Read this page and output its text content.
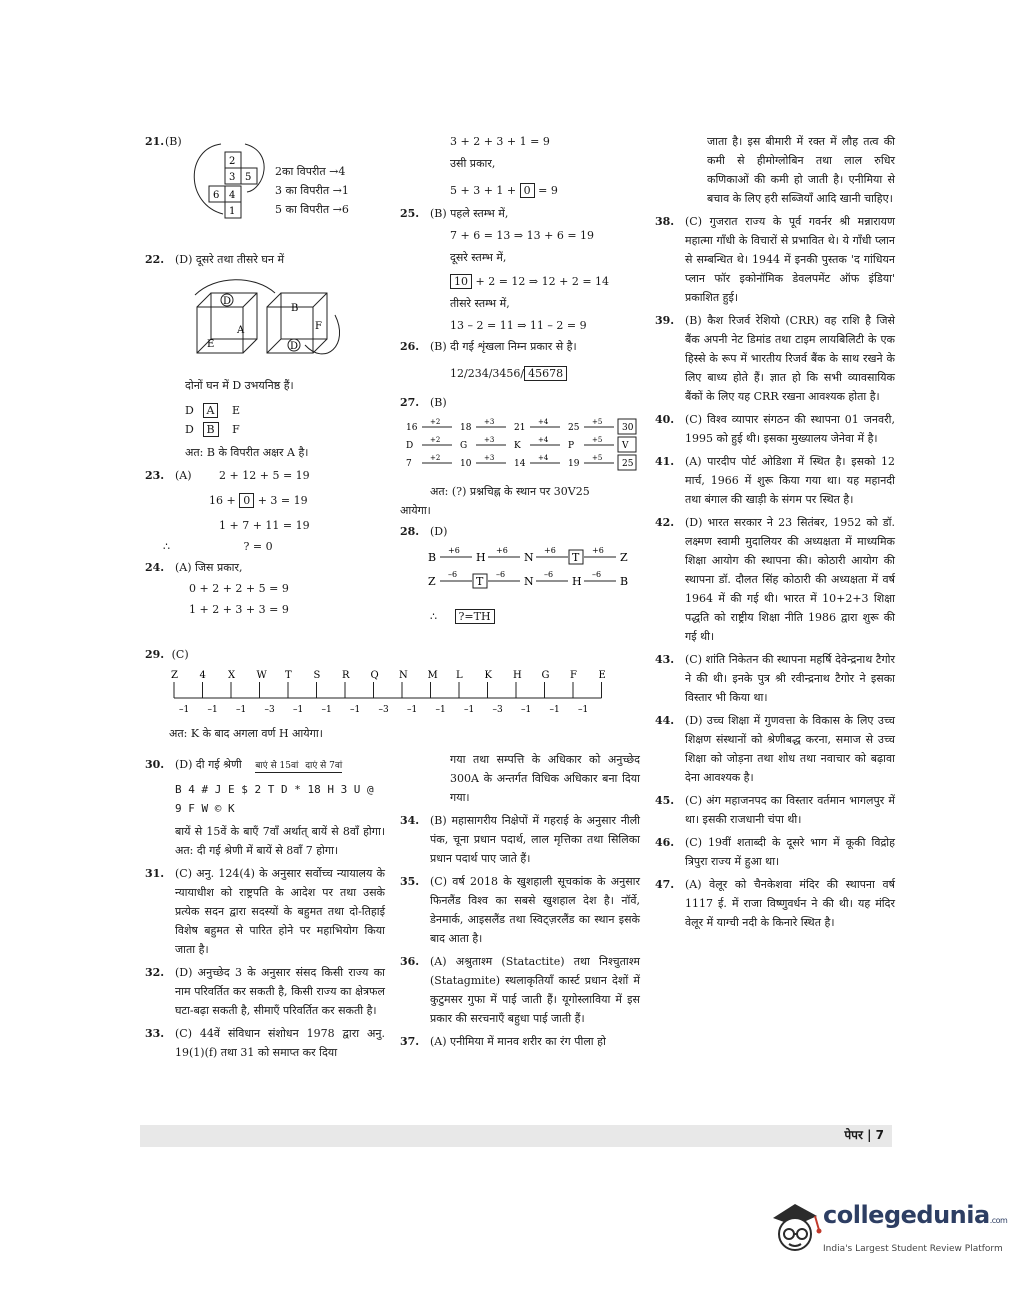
21. (B)
2
3 5
6 4
1
2का विपरीत →4
3 का विपरीत →1
5 का विपरीत →6
22. (D) दूसरे तथा तीसरे घन में
D
A
E
B
F
D
दोनों घन में D उभयनिष्ठ हैं।
D A E
D B F
अत: B के विपरीत अक्षर A है।
23. (A)	2 + 12 + 5 = 19
16 + 0 + 3 = 19
1 + 7 + 11 = 19
∴	? = 0
24. (A) जिस प्रकार,
0 + 2 + 2 + 5 = 9
1 + 2 + 3 + 3 = 9
3 + 2 + 3 + 1 = 9
उसी प्रकार,
5 + 3 + 1 + 0 = 9
25. (B) पहले स्तम्भ में,
7 + 6 = 13 ⇒ 13 + 6 = 19
दूसरे स्तम्भ में,
10 + 2 = 12 ⇒ 12 + 2 = 14
तीसरे स्तम्भ में,
13 – 2 = 11 ⇒ 11 – 2 = 9
26. (B) दी गई शृंखला निम्न प्रकार से है।
12/234/3456/ 45678
27. (B)
16
+2
18
+3
21
+4
25
+5
30
D
+2
G
+3
K
+4
P
+5
V
7
+2
10
+3
14
+4
19
+5
25
अत: (?) प्रश्नचिह्न के स्थान पर 30V25
आयेगा।
28. (D)
B
+6
H
+6
N
+6
T
+6
Z
Z
–6
T
–6
N
–6
H
–6
B
∴ ?=TH
जाता है। इस बीमारी में रक्त में लौह तत्व की कमी से हीमोग्लोबिन तथा लाल रुधिर कणिकाओं की कमी हो जाती है। एनीमिया से बचाव के लिए हरी सब्जियाँ आदि खानी चाहिए।
38. (C) गुजरात राज्य के पूर्व गवर्नर श्री मन्नारायण महात्मा गाँधी के विचारों से प्रभावित थे। ये गाँधी प्लान से सम्बन्धित थे। 1944 में इनकी पुस्तक 'द गांधियन प्लान फॉर इकोनॉमिक डेवलपमेंट ऑफ इंडिया' प्रकाशित हुई।
39. (B) कैश रिजर्व रेशियो (CRR) वह राशि है जिसे बैंक अपनी नेट डिमांड तथा टाइम लायबिलिटी के एक हिस्से के रूप में भारतीय रिजर्व बैंक के साथ रखने के लिए बाध्य होते हैं। ज्ञात हो कि सभी व्यावसायिक बैंकों के लिए यह CRR रखना आवश्यक होता है।
40. (C) विश्व व्यापार संगठन की स्थापना 01 जनवरी, 1995 को हुई थी। इसका मुख्यालय जेनेवा में है।
41. (A) पारदीप पोर्ट ओडिशा में स्थित है। इसको 12 मार्च, 1966 में शुरू किया गया था। यह महानदी तथा बंगाल की खाड़ी के संगम पर स्थित है।
42. (D) भारत सरकार ने 23 सितंबर, 1952 को डॉ. लक्ष्मण स्वामी मुदालियर की अध्यक्षता में माध्यमिक शिक्षा आयोग की स्थापना की। कोठारी आयोग की स्थापना डॉ. दौलत सिंह कोठारी की अध्यक्षता में वर्ष 1964 में की गई थी। भारत में 10+2+3 शिक्षा पद्धति को राष्ट्रीय शिक्षा नीति 1986 द्वारा शुरू की गई थी।
43. (C) शांति निकेतन की स्थापना महर्षि देवेन्द्रनाथ टैगोर ने की थी। इनके पुत्र श्री रवीन्द्रनाथ टैगोर ने इसका विस्तार भी किया था।
44. (D) उच्च शिक्षा में गुणवत्ता के विकास के लिए उच्च शिक्षण संस्थानों को श्रेणीबद्ध करना, समाज से उच्च शिक्षा को जोड़ना तथा शोध तथा नवाचार को बढ़ावा देना आवश्यक है।
45. (C) अंग महाजनपद का विस्तार वर्तमान भागलपुर में था। इसकी राजधानी चंपा थी।
46. (C) 19वीं शताब्दी के दूसरे भाग में कूकी विद्रोह त्रिपुरा राज्य में हुआ था।
47. (A) वेलूर को चैनकेशवा मंदिर की स्थापना वर्ष 1117 ई. में राजा विष्णुवर्धन ने की थी। यह मंदिर वेलूर में याग्ची नदी के किनारे स्थित है।
29. (C)
Z 4 X W T S R Q N M L K H G F E
–1 –1 –1 –3 –1 –1 –1 –3 –1 –1 –1 –3 –1 –1 –1
अत: K के बाद अगला वर्ण H आयेगा।
30. (D) दी गई श्रेणी बाएं से 15वां दाएं से 7वां
B 4 # J E $ 2 T D * 18 H 3 U @ 9 F W © K
बायें से 15वें के बाएँ 7वाँ अर्थात् बायें से 8वाँ होगा। अत: दी गई श्रेणी में बायें से 8वाँ 7 होगा।
31. (C) अनु. 124(4) के अनुसार सर्वोच्च न्यायालय के न्यायाधीश को राष्ट्रपति के आदेश पर तथा उसके प्रत्येक सदन द्वारा सदस्यों के बहुमत तथा दो-तिहाई विशेष बहुमत से पारित होने पर महाभियोग किया जाता है।
32. (D) अनुच्छेद 3 के अनुसार संसद किसी राज्य का नाम परिवर्तित कर सकती है, किसी राज्य का क्षेत्रफल घटा-बढ़ा सकती है, सीमाएँ परिवर्तित कर सकती है।
33. (C) 44वें संविधान संशोधन 1978 द्वारा अनु. 19(1)(f) तथा 31 को समाप्त कर दिया
गया तथा सम्पत्ति के अधिकार को अनुच्छेद 300A के अन्तर्गत विधिक अधिकार बना दिया गया।
34. (B) महासागरीय निक्षेपों में गहराई के अनुसार नीली पंक, चूना प्रधान पदार्थ, लाल मृत्तिका तथा सिलिका प्रधान पदार्थ पाए जाते हैं।
35. (C) वर्ष 2018 के खुशहाली सूचकांक के अनुसार फिनलैंड विश्व का सबसे खुशहाल देश है। नॉर्वे, डेनमार्क, आइसलैंड तथा स्विट्ज़रलैंड का स्थान इसके बाद आता है।
36. (A) अश्रुताश्म (Statactite) तथा निश्चुताश्म (Statagmite) स्थलाकृतियाँ कार्स्ट प्रधान देशों में कुटुमसर गुफा में पाई जाती हैं। यूगोस्लाविया में इस प्रकार की सरचनाएँ बहुधा पाई जाती हैं।
37. (A) एनीमिया में मानव शरीर का रंग पीला हो
पेपर | 7
collegedunia.com
India's Largest Student Review Platform
